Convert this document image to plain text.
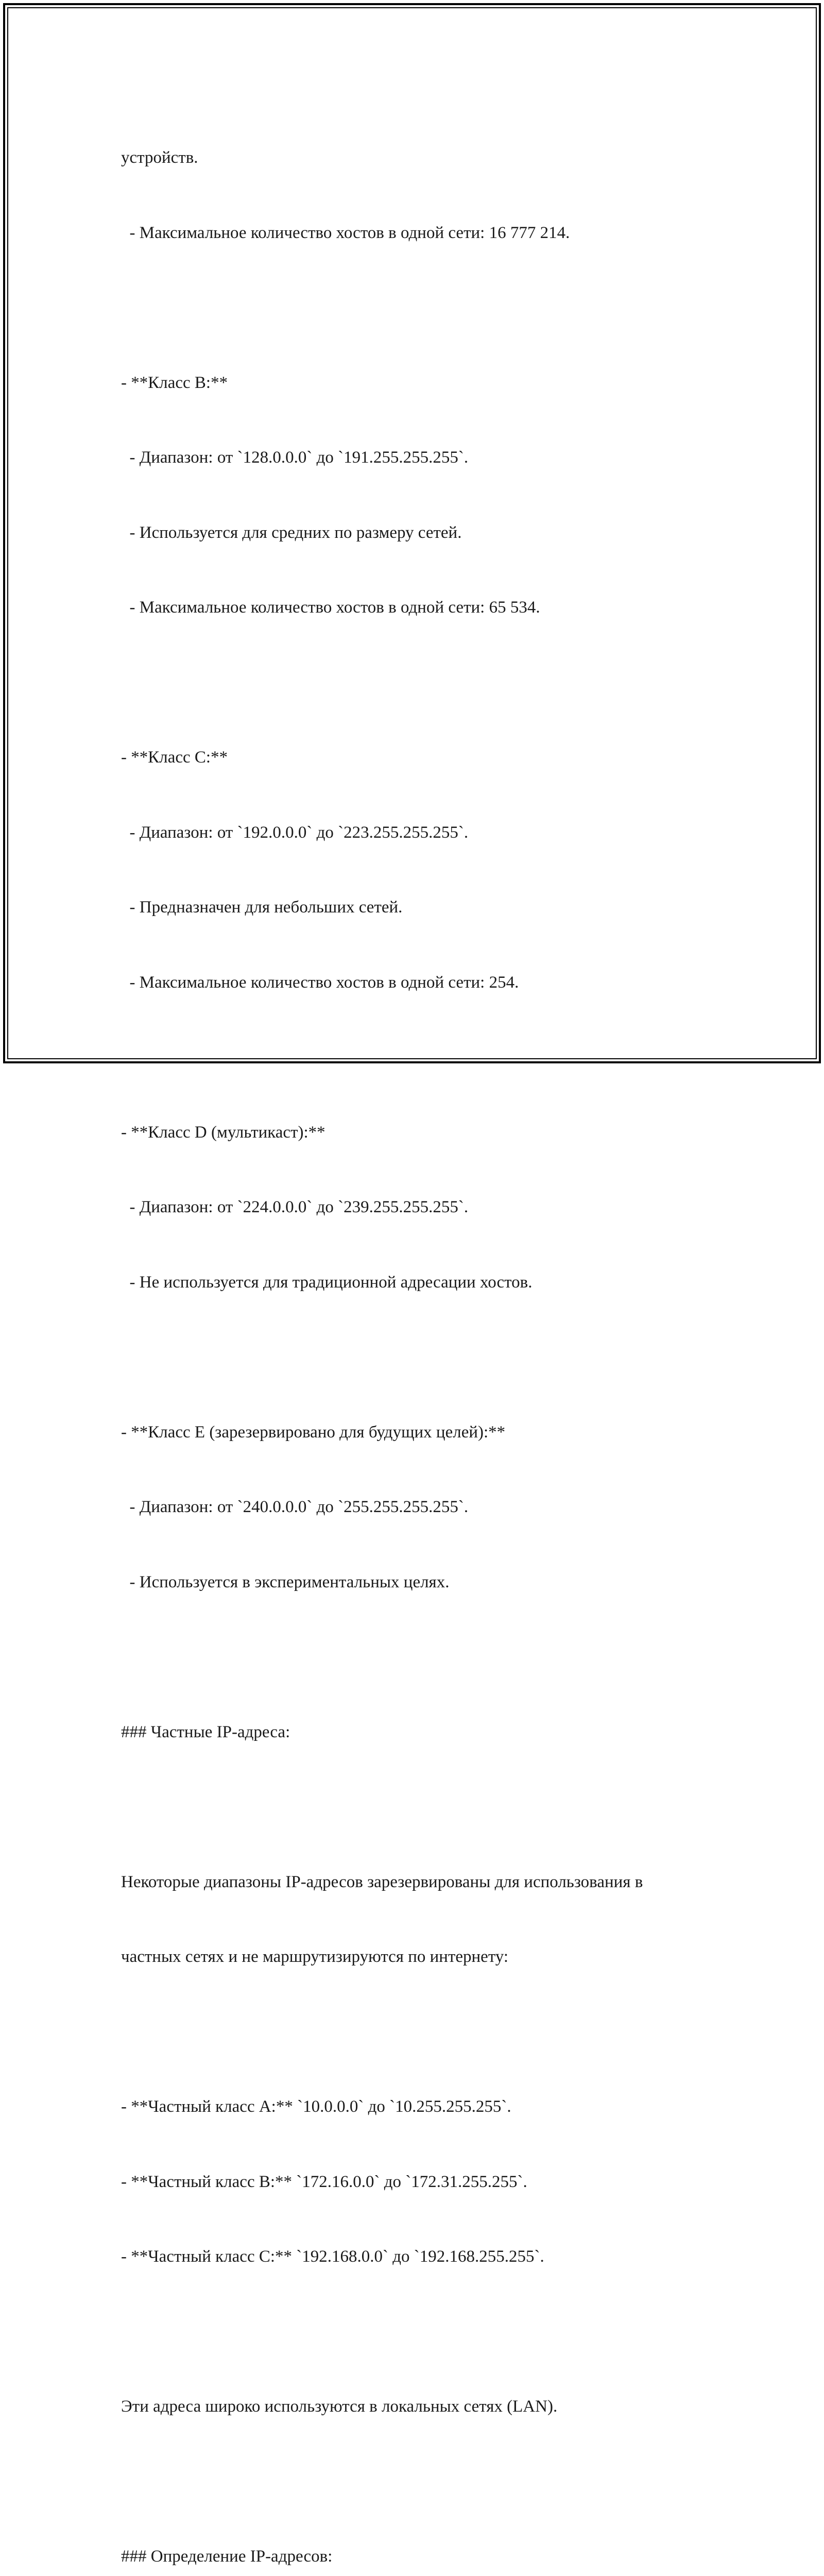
устройств.

- Максимальное количество хостов в одной сети: 16 777 214.

- **Класс B:**

- Диапазон: от `128.0.0.0` до `191.255.255.255`.

- Используется для средних по размеру сетей.

- Максимальное количество хостов в одной сети: 65 534.

- **Класс C:**

- Диапазон: от `192.0.0.0` до `223.255.255.255`.

- Предназначен для небольших сетей.

- Максимальное количество хостов в одной сети: 254.

- **Класс D (мультикаст):**

- Диапазон: от `224.0.0.0` до `239.255.255.255`.

- Не используется для традиционной адресации хостов.

- **Класс E (зарезервировано для будущих целей):**

- Диапазон: от `240.0.0.0` до `255.255.255.255`.

- Используется в экспериментальных целях.

### Частные IP-адреса:

Некоторые диапазоны IP-адресов зарезервированы для использования в

частных сетях и не маршрутизируются по интернету:

- **Частный класс A:** `10.0.0.0` до `10.255.255.255`.

- **Частный класс B:** `172.16.0.0` до `172.31.255.255`.

- **Частный класс C:** `192.168.0.0` до `192.168.255.255`.

Эти адреса широко используются в локальных сетях (LAN).

### Определение IP-адресов:
